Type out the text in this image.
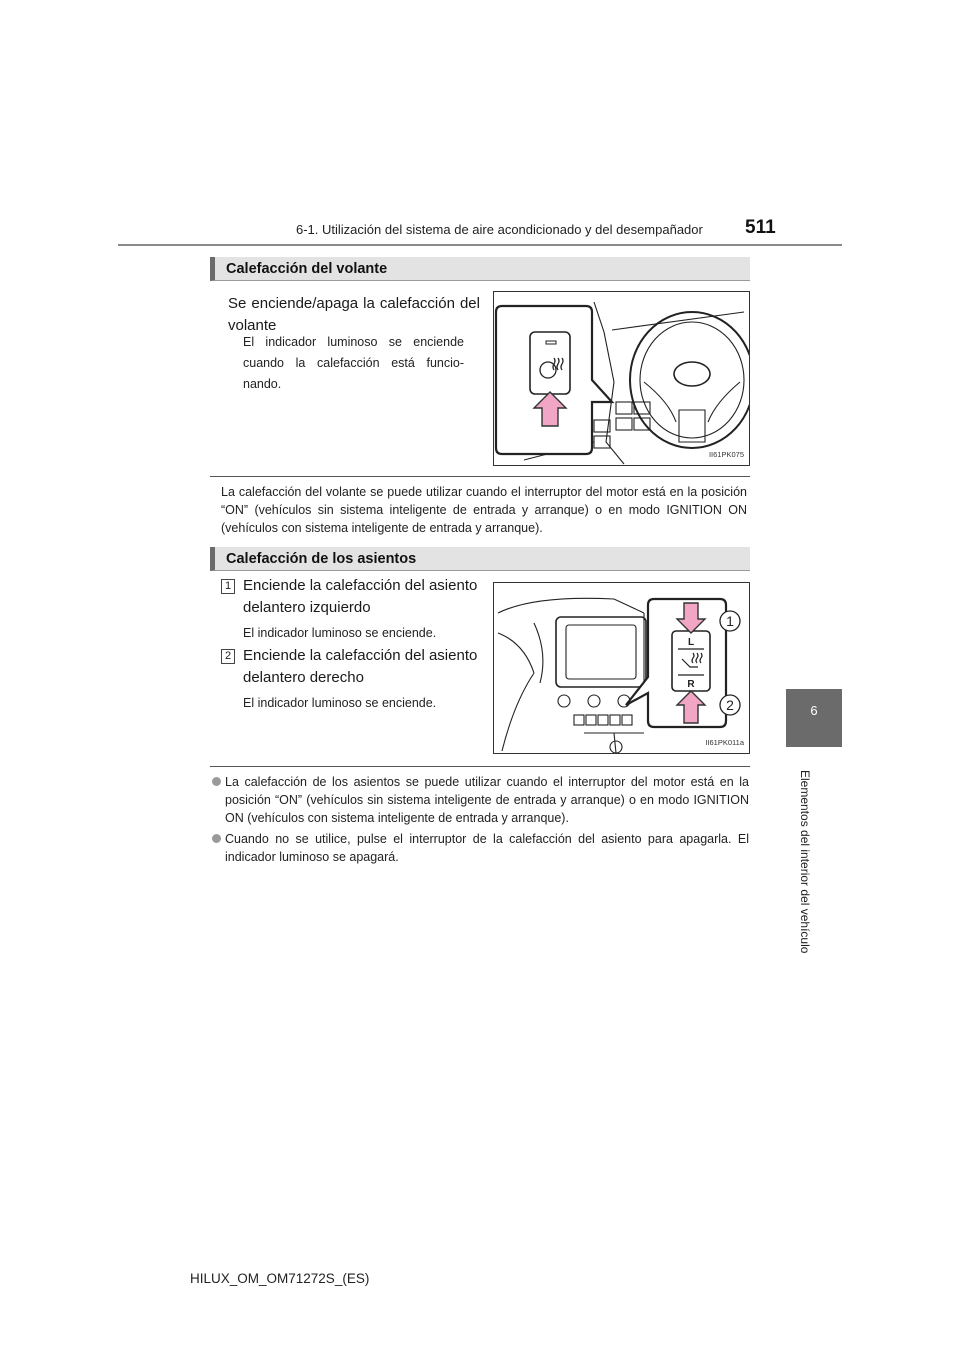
6-1. Utilización del sistema de aire acondicionado y del desempañador 511
6
Elementos del interior del vehículo
Calefacción del volante
Se enciende/apaga la calefacción del volante
El indicador luminoso se enciende cuando la calefacción está funcio-nando.
II61PK075
La calefacción del volante se puede utilizar cuando el interruptor del motor está en la posición “ON” (vehículos sin sistema inteligente de entrada y arranque) o en modo IGNITION ON (vehículos con sistema inteligente de entrada y arranque).
Calefacción de los asientos
1 Enciende la calefacción del asiento delantero izquierdo
El indicador luminoso se enciende.
2 Enciende la calefacción del asiento delantero derecho
El indicador luminoso se enciende.
1
2
L
R
II61PK011a
La calefacción de los asientos se puede utilizar cuando el interruptor del motor está en la posición “ON” (vehículos sin sistema inteligente de entrada y arranque) o en modo IGNITION ON (vehículos con sistema inteligente de entrada y arranque).
Cuando no se utilice, pulse el interruptor de la calefacción del asiento para apagarla. El indicador luminoso se apagará.
HILUX_OM_OM71272S_(ES)
